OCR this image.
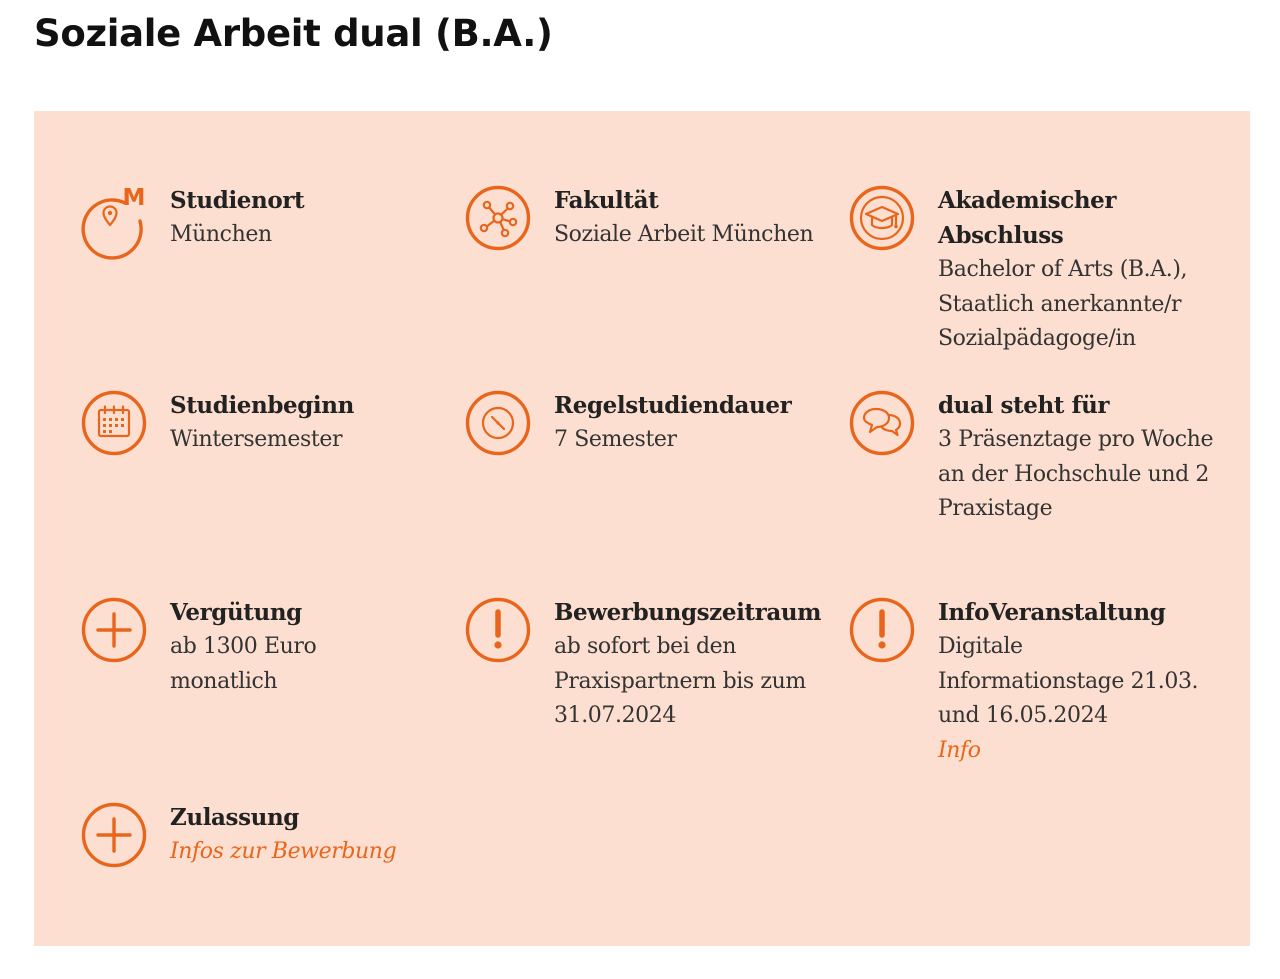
Soziale Arbeit dual (B.A.)
M Studienort
München
Fakultät
Soziale Arbeit München
Akademischer Abschluss
Bachelor of Arts (B.A.), Staatlich anerkannte/r Sozialpädagoge/in
Studienbeginn
Wintersemester
Regelstudiendauer
7 Semester
dual steht für
3 Präsenztage pro Woche an der Hochschule und 2 Praxistage
Vergütung
ab 1300 Euro monatlich
Bewerbungszeitraum
ab sofort bei den Praxispartnern bis zum 31.07.2024
InfoVeranstaltung
Digitale Informationstage 21.03. und 16.05.2024
Info
Zulassung
Infos zur Bewerbung
